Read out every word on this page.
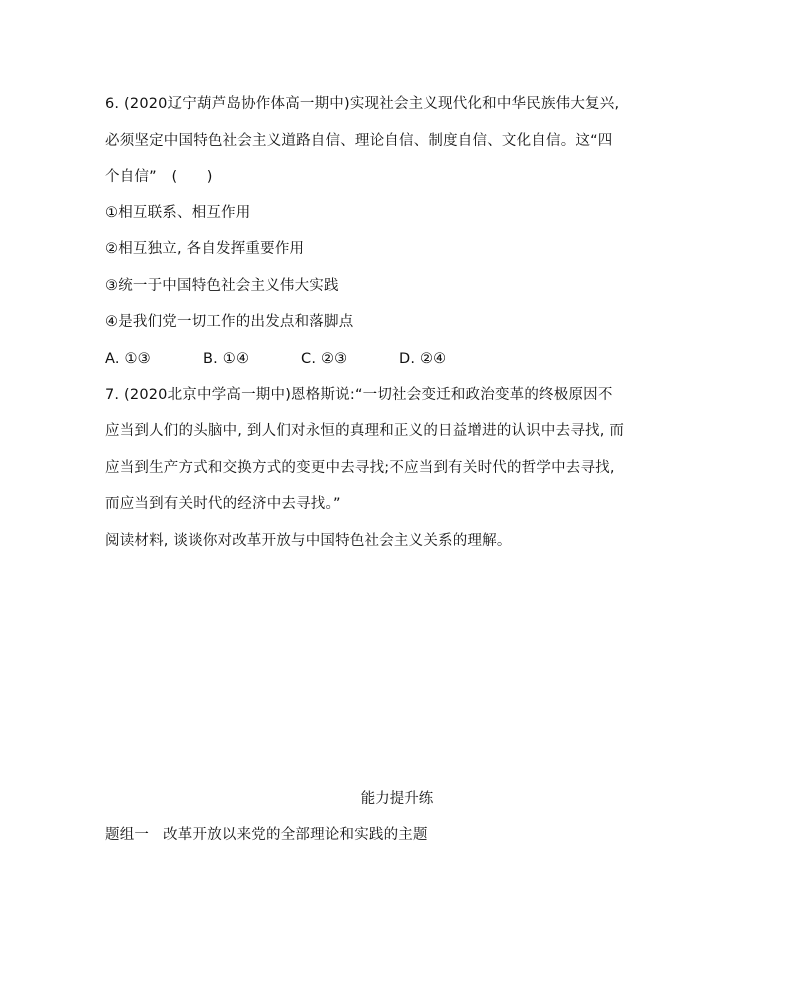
6. (2020辽宁葫芦岛协作体高一期中)实现社会主义现代化和中华民族伟大复兴,
必须坚定中国特色社会主义道路自信、理论自信、制度自信、文化自信。这“四
个自信”　(　　)
①相互联系、相互作用
②相互独立, 各自发挥重要作用
③统一于中国特色社会主义伟大实践
④是我们党一切工作的出发点和落脚点
A. ①③	B. ①④	C. ②③	D. ②④
7. (2020北京中学高一期中)恩格斯说:“一切社会变迁和政治变革的终极原因不
应当到人们的头脑中, 到人们对永恒的真理和正义的日益增进的认识中去寻找, 而
应当到生产方式和交换方式的变更中去寻找;不应当到有关时代的哲学中去寻找,
而应当到有关时代的经济中去寻找。”
阅读材料, 谈谈你对改革开放与中国特色社会主义关系的理解。
能力提升练
题组一 改革开放以来党的全部理论和实践的主题
